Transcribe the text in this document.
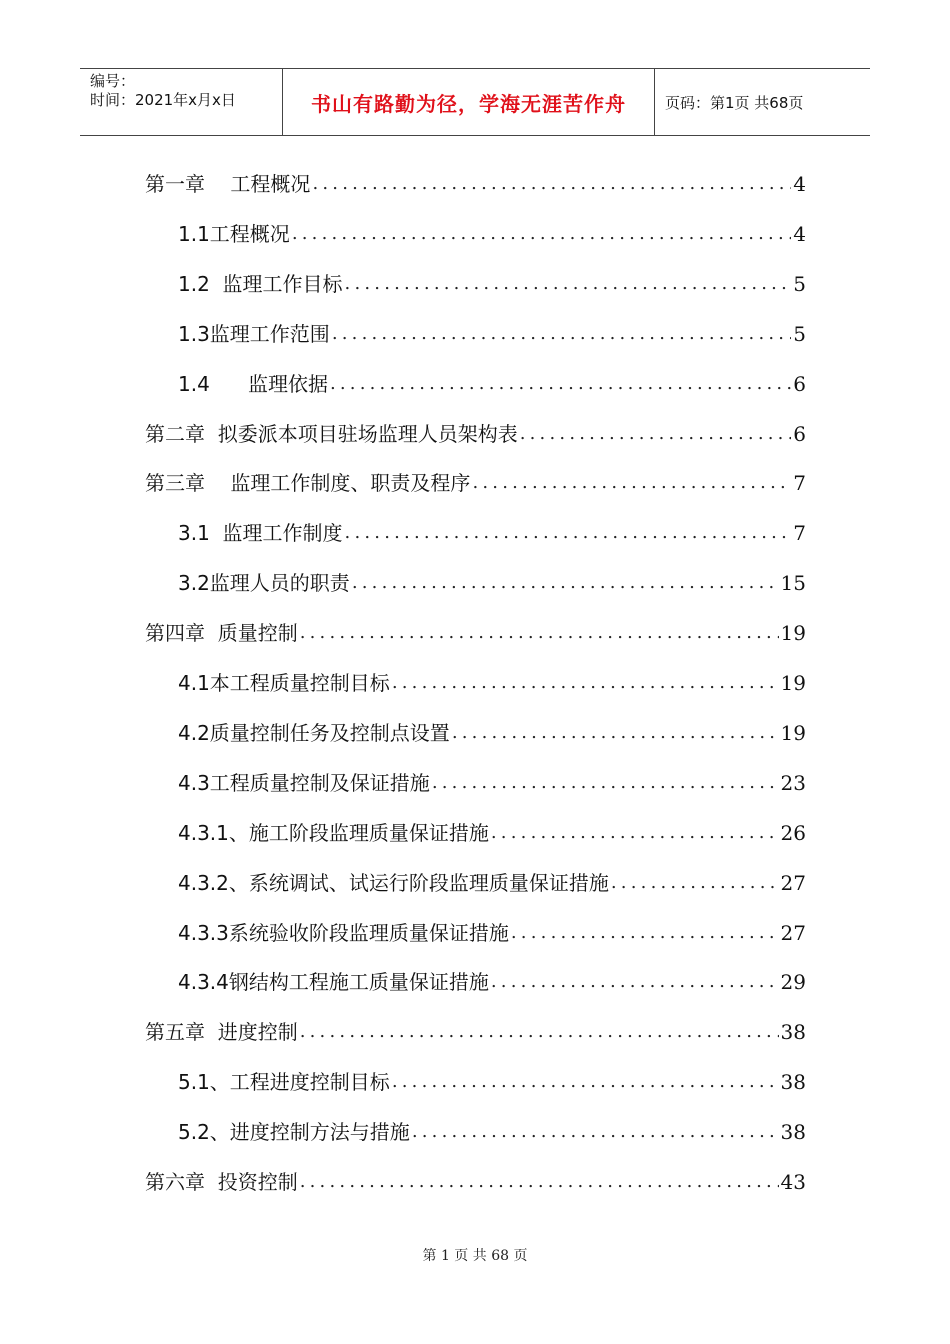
编号：
时间：2021年x月x日	书山有路勤为径，学海无涯苦作舟	页码：第1页 共68页
第一章    工程概况 .....	4
1.1工程概况 .....	4
1.2  监理工作目标 .....	5
1.3监理工作范围 .....	5
1.4      监理依据 .....	6
第二章  拟委派本项目驻场监理人员架构表 .....	6
第三章    监理工作制度、职责及程序 .....	7
3.1  监理工作制度 .....	7
3.2监理人员的职责 .....	15
第四章  质量控制 .....	19
4.1本工程质量控制目标 .....	19
4.2质量控制任务及控制点设置 .....	19
4.3工程质量控制及保证措施 .....	23
4.3.1、施工阶段监理质量保证措施 .....	26
4.3.2、系统调试、试运行阶段监理质量保证措施 .....	27
4.3.3系统验收阶段监理质量保证措施 .....	27
4.3.4钢结构工程施工质量保证措施 .....	29
第五章  进度控制 .....	38
5.1、工程进度控制目标 .....	38
5.2、进度控制方法与措施 .....	38
第六章  投资控制 .....	43
第 1 页 共 68 页
